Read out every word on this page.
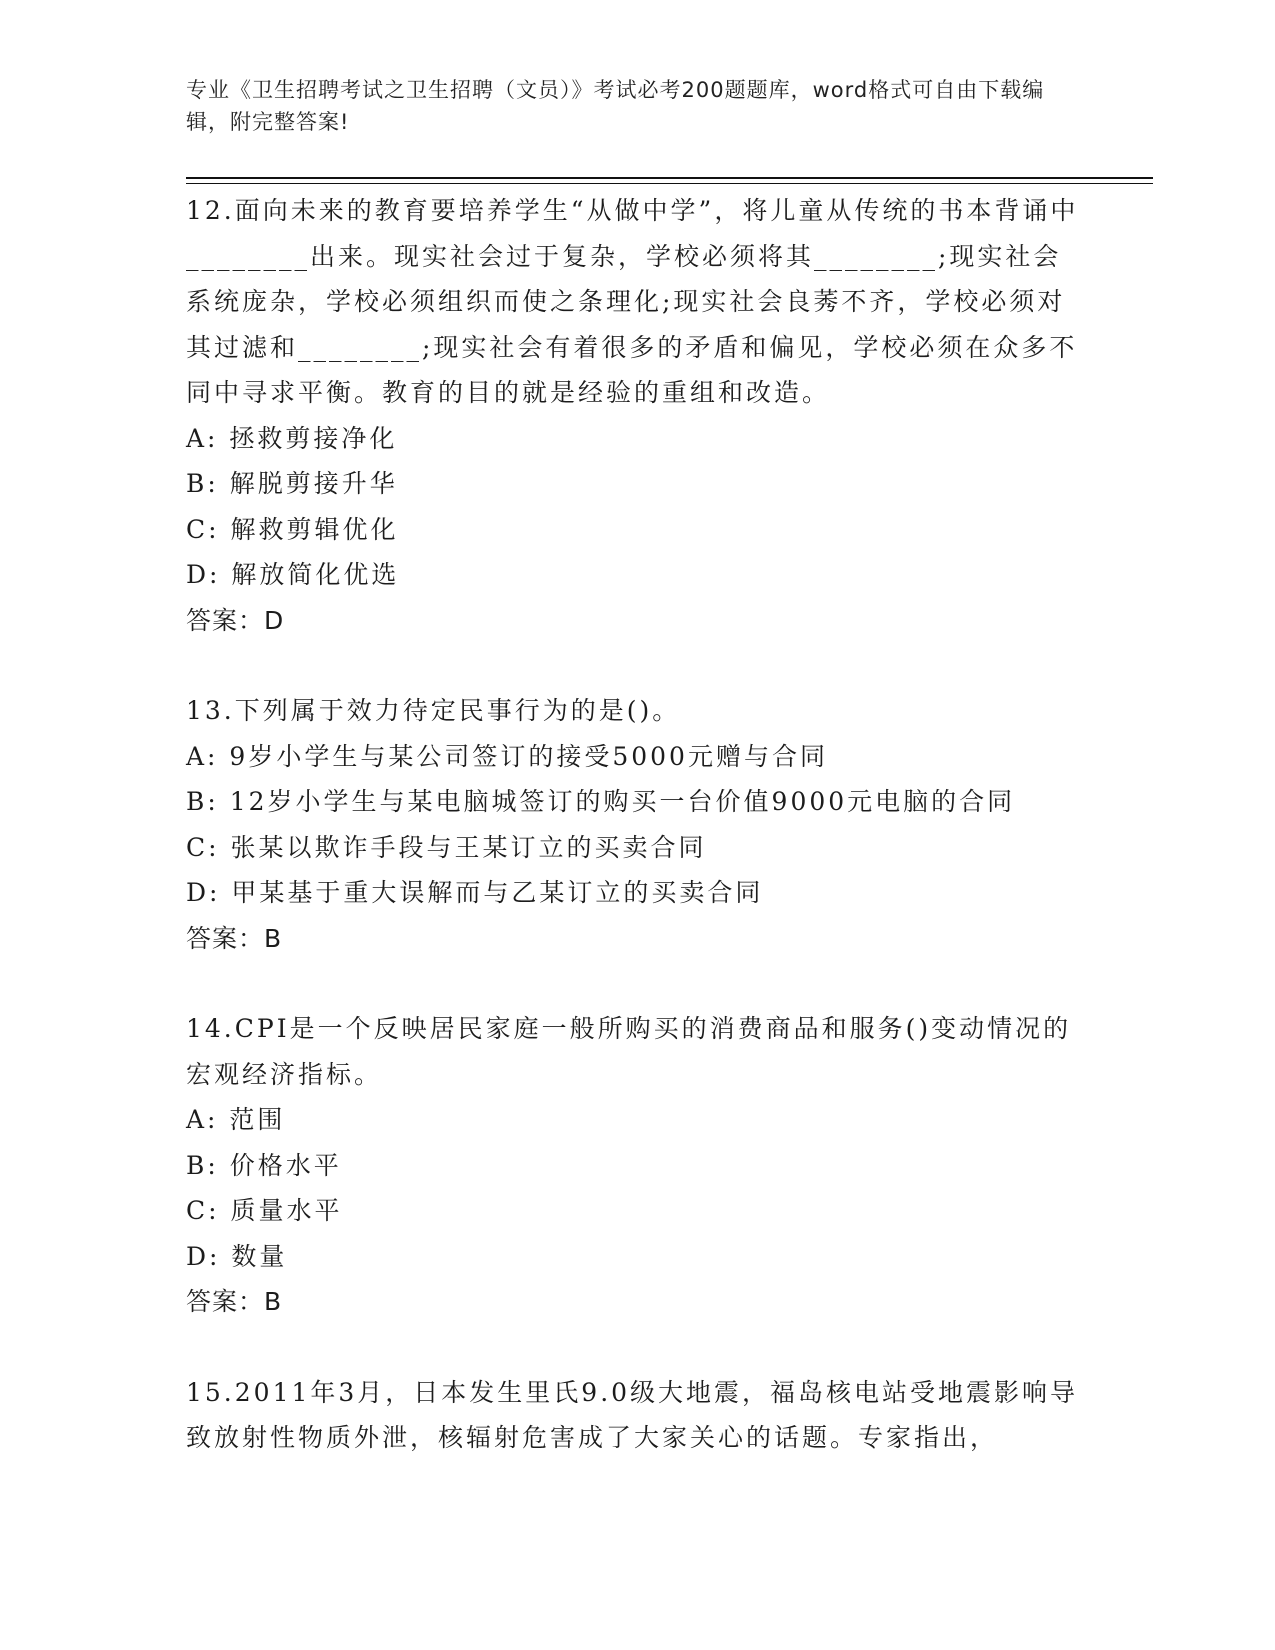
专业《卫生招聘考试之卫生招聘（文员）》考试必考200题题库，word格式可自由下载编辑，附完整答案!

12.面向未来的教育要培养学生“从做中学”，将儿童从传统的书本背诵中________出来。现实社会过于复杂，学校必须将其________;现实社会系统庞杂，学校必须组织而使之条理化;现实社会良莠不齐，学校必须对其过滤和________;现实社会有着很多的矛盾和偏见，学校必须在众多不同中寻求平衡。教育的目的就是经验的重组和改造。

A: 拯救剪接净化

B: 解脱剪接升华

C: 解救剪辑优化

D: 解放简化优选

答案：D

13.下列属于效力待定民事行为的是()。

A: 9岁小学生与某公司签订的接受5000元赠与合同

B: 12岁小学生与某电脑城签订的购买一台价值9000元电脑的合同

C: 张某以欺诈手段与王某订立的买卖合同

D: 甲某基于重大误解而与乙某订立的买卖合同

答案：B

14.CPI是一个反映居民家庭一般所购买的消费商品和服务()变动情况的宏观经济指标。

A: 范围

B: 价格水平

C: 质量水平

D: 数量

答案：B

15.2011年3月，日本发生里氏9.0级大地震，福岛核电站受地震影响导致放射性物质外泄，核辐射危害成了大家关心的话题。专家指出，
